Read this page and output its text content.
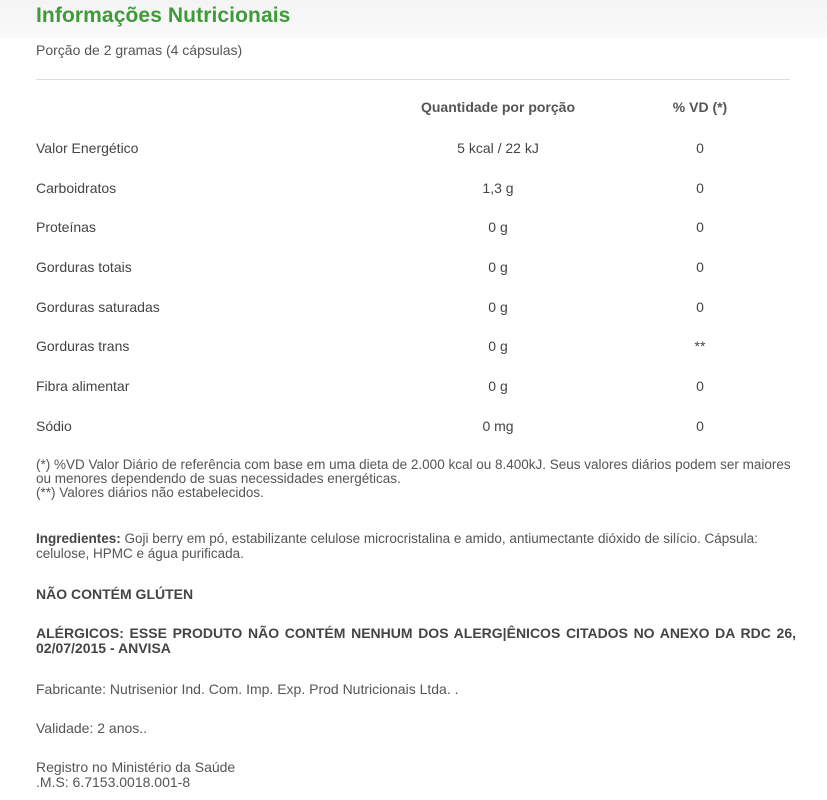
Informações Nutricionais
Porção de 2 gramas (4 cápsulas)
	Quantidade por porção	% VD (*)
Valor Energético	5 kcal / 22 kJ	0
Carboidratos	1,3 g	0
Proteínas	0 g	0
Gorduras totais	0 g	0
Gorduras saturadas	0 g	0
Gorduras trans	0 g	**
Fibra alimentar	0 g	0
Sódio	0 mg	0
(*) %VD Valor Diário de referência com base em uma dieta de 2.000 kcal ou 8.400kJ. Seus valores diários podem ser maiores ou menores dependendo de suas necessidades energéticas.
(**) Valores diários não estabelecidos.
Ingredientes: Goji berry em pó, estabilizante celulose microcristalina e amido, antiumectante dióxido de silício. Cápsula: celulose, HPMC e água purificada.
NÃO CONTÉM GLÚTEN
ALÉRGICOS: ESSE PRODUTO NÃO CONTÉM NENHUM DOS ALERG|ÊNICOS CITADOS NO ANEXO DA RDC 26, 02/07/2015 - ANVISA
Fabricante: Nutrisenior Ind. Com. Imp. Exp. Prod Nutricionais Ltda. .
Validade: 2 anos..
Registro no Ministério da Saúde
.M.S: 6.7153.0018.001-8
